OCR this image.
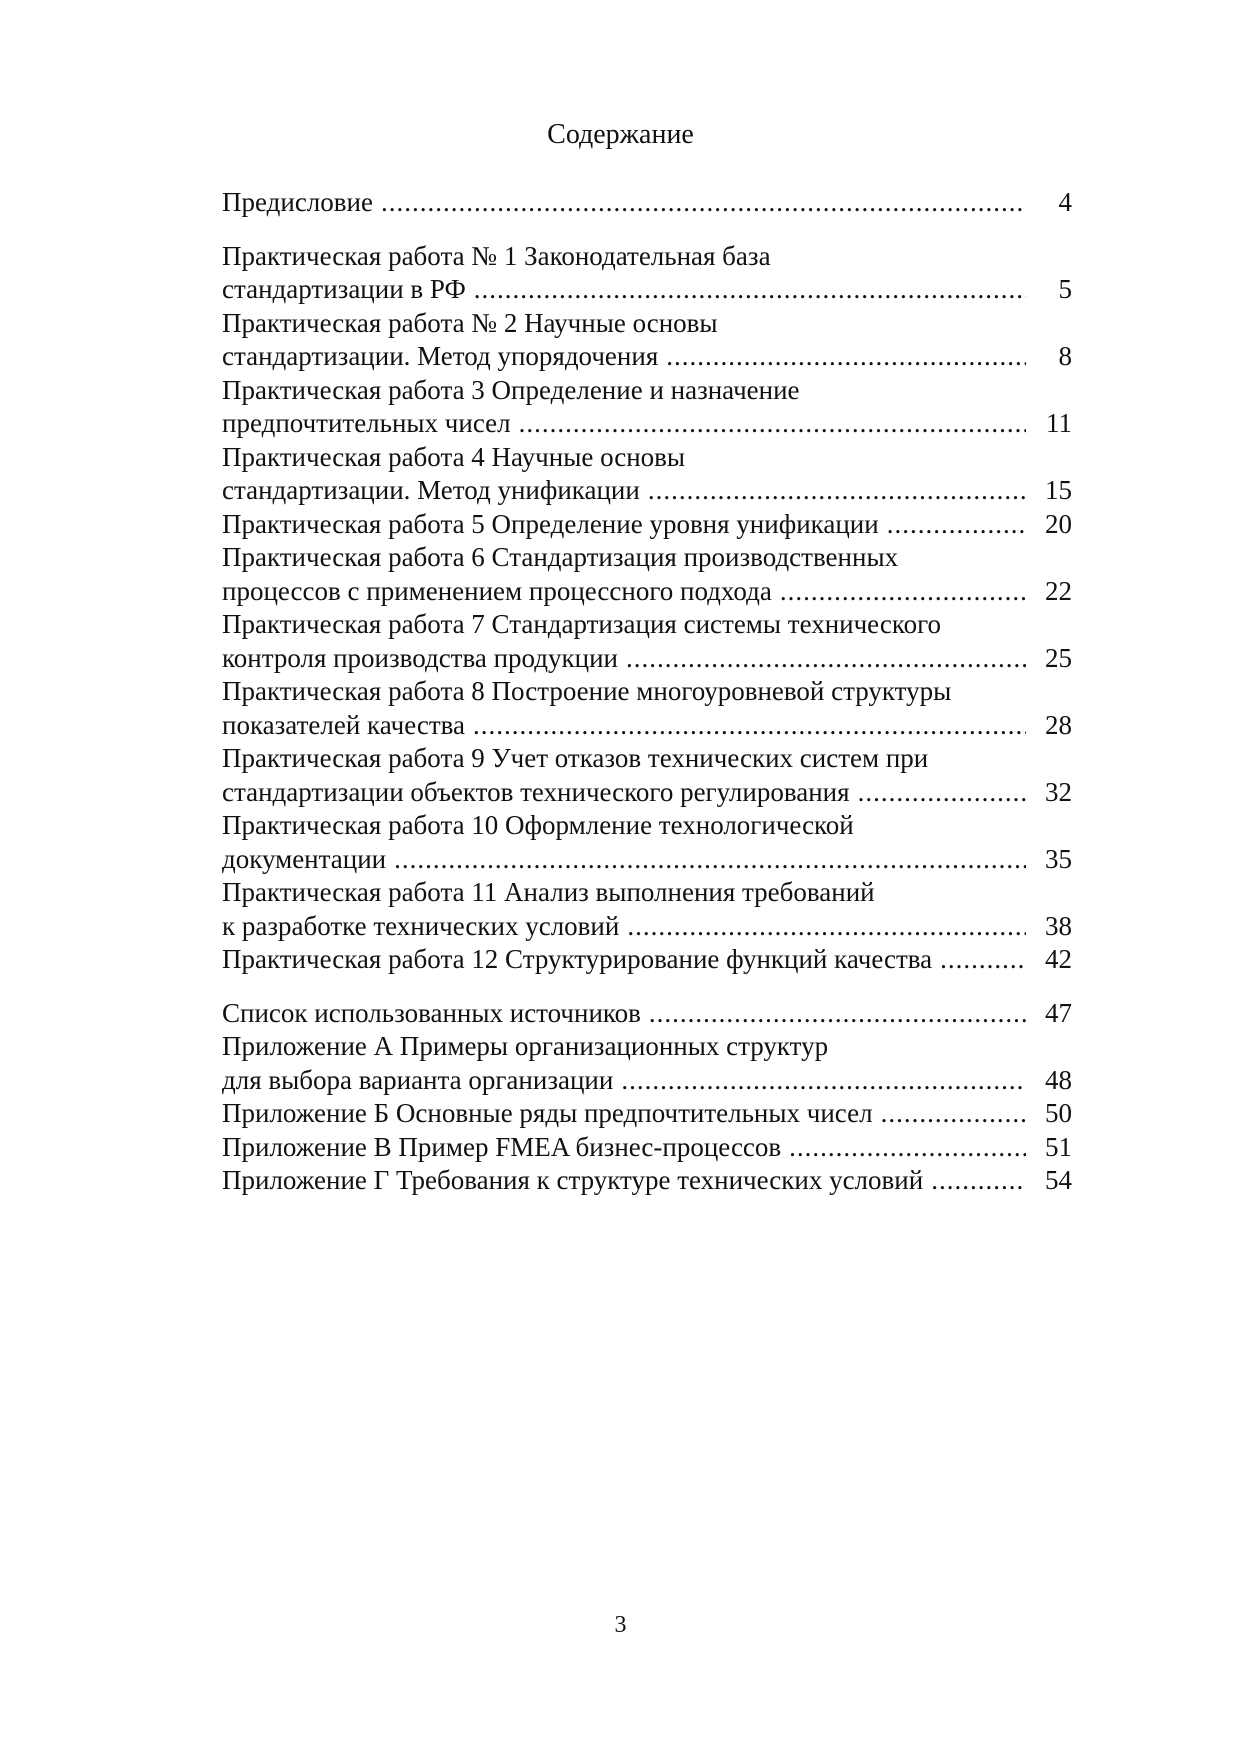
Содержание
Предисловие .....	4
Практическая работа № 1 Законодательная база
стандартизации в РФ .....	5
Практическая работа № 2 Научные основы
стандартизации. Метод упорядочения .....	8
Практическая работа 3 Определение и назначение
предпочтительных чисел .....	11
Практическая работа 4 Научные основы
стандартизации. Метод унификации .....	15
Практическая работа 5 Определение уровня унификации .....	20
Практическая работа 6 Стандартизация производственных
процессов с применением процессного подхода .....	22
Практическая работа 7 Стандартизация системы технического
контроля производства продукции .....	25
Практическая работа 8 Построение многоуровневой структуры
показателей качества .....	28
Практическая работа 9 Учет отказов технических систем при
стандартизации объектов технического регулирования .....	32
Практическая работа 10 Оформление технологической
документации .....	35
Практическая работа 11 Анализ выполнения требований
к разработке технических условий .....	38
Практическая работа 12 Структурирование функций качества .....	42
Список использованных источников .....	47
Приложение А Примеры организационных структур
для выбора варианта организации .....	48
Приложение Б Основные ряды предпочтительных чисел .....	50
Приложение В Пример FMEA бизнес-процессов .....	51
Приложение Г Требования к структуре технических условий .....	54
3
